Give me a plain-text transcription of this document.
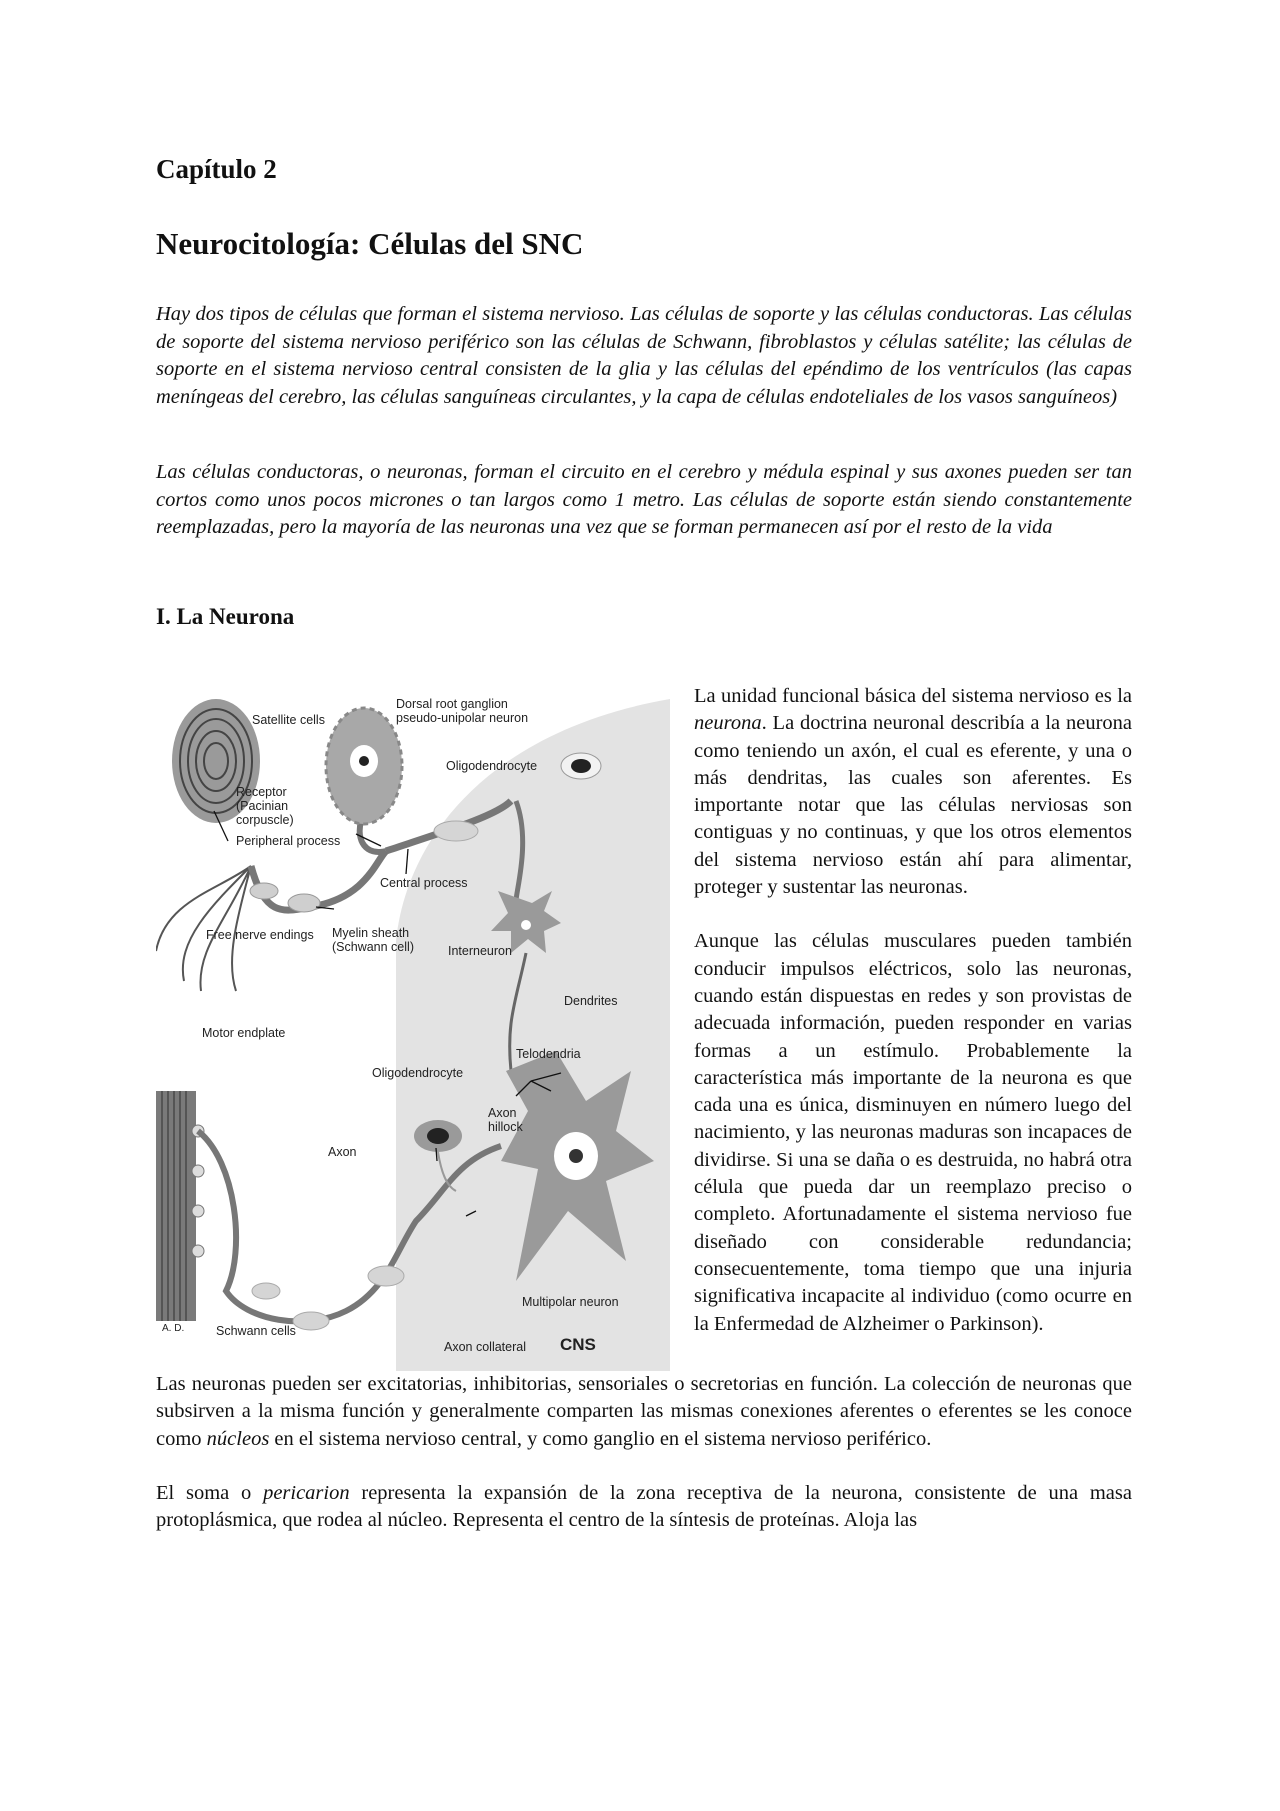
Capítulo 2
Neurocitología: Células del SNC

Hay dos tipos de células que forman el sistema nervioso. Las células de soporte y las células conductoras. Las células de soporte del sistema nervioso periférico son las células de Schwann, fibroblastos y células satélite; las células de soporte en el sistema nervioso central consisten de la glia y las células del epéndimo de los ventrículos (las capas meníngeas del cerebro, las células sanguíneas circulantes, y la capa de células endoteliales de los vasos sanguíneos)

Las células conductoras, o neuronas, forman el circuito en el cerebro y médula espinal y sus axones pueden ser tan cortos como unos pocos micrones o tan largos como 1 metro. Las células de soporte están siendo constantemente reemplazadas, pero la mayoría de las neuronas una vez que se forman permanecen así por el resto de la vida

I. La Neurona
Satellite cells
Dorsal root ganglion
pseudo-unipolar neuron
Oligodendrocyte
Receptor
(Pacinian
corpuscle)
Peripheral process
Central process
Free nerve endings Myelin sheath
(Schwann cell)	Interneuron
Dendrites
Motor endplate
Telodendria
Oligodendrocyte
Axon
hillock
Axon
Multipolar neuron
A. D.	Schwann cells
Axon collateral CNS

La unidad funcional básica del sistema nervioso es la neurona. La doctrina neuronal describía a la neurona como teniendo un axón, el cual es eferente, y una o más dendritas, las cuales son aferentes. Es importante notar que las células nerviosas son contiguas y no continuas, y que los otros elementos del sistema nervioso están ahí para alimentar, proteger y sustentar las neuronas.

Aunque las células musculares pueden también conducir impulsos eléctricos, solo las neuronas, cuando están dispuestas en redes y son provistas de adecuada información, pueden responder en varias formas a un estímulo. Probablemente la característica más importante de la neurona es que cada una es única, disminuyen en número luego del nacimiento, y las neuronas maduras son incapaces de dividirse. Si una se daña o es destruida, no habrá otra célula que pueda dar un reemplazo preciso o completo. Afortunadamente el sistema nervioso fue diseñado con considerable redundancia; consecuentemente, toma tiempo que una injuria significativa incapacite al individuo (como ocurre en la Enfermedad de Alzheimer o Parkinson).

Las neuronas pueden ser excitatorias, inhibitorias, sensoriales o secretorias en función. La colección de neuronas que subsirven a la misma función y generalmente comparten las mismas conexiones aferentes o eferentes se les conoce como núcleos en el sistema nervioso central, y como ganglio en el sistema nervioso periférico.

El soma o pericarion representa la expansión de la zona receptiva de la neurona, consistente de una masa protoplásmica, que rodea al núcleo. Representa el centro de la síntesis de proteínas. Aloja las
